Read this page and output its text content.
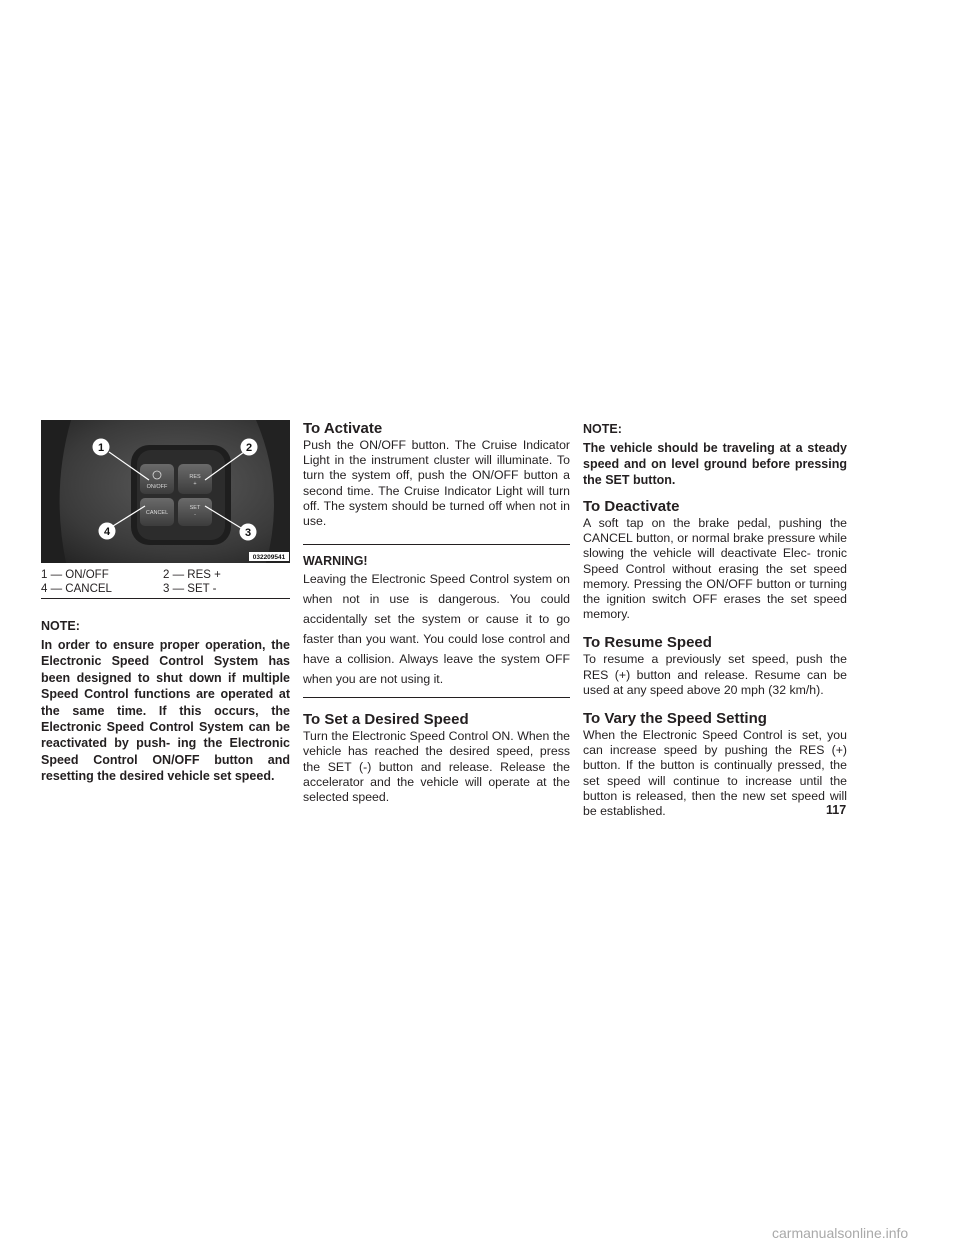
ON/OFF
RES
+
CANCEL
SET
-
1	2
3
4
032209541
1 — ON/OFF	2 — RES +
4 — CANCEL	3 — SET -
NOTE:

In order to ensure proper operation, the Electronic Speed Control System has been designed to shut down if multiple Speed Control functions are operated at the same time. If this occurs, the Electronic Speed Control System can be reactivated by push- ing the Electronic Speed Control ON/OFF button and resetting the desired vehicle set speed.

To Activate

Push the ON/OFF button. The Cruise Indicator Light in the instrument cluster will illuminate. To turn the system off, push the ON/OFF button a second time. The Cruise Indicator Light will turn off. The system should be turned off when not in use.

WARNING!
Leaving the Electronic Speed Control system on when not in use is dangerous. You could accidentally set the system or cause it to go faster than you want. You could lose control and have a collision. Always leave the system OFF when you are not using it.
To Set a Desired Speed

Turn the Electronic Speed Control ON. When the vehicle has reached the desired speed, press the SET (-) button and release. Release the accelerator and the vehicle will operate at the selected speed.

NOTE:

The vehicle should be traveling at a steady speed and on level ground before pressing the SET button.

To Deactivate

A soft tap on the brake pedal, pushing the CANCEL button, or normal brake pressure while slowing the vehicle will deactivate Elec- tronic Speed Control without erasing the set speed memory. Pressing the ON/OFF button or turning the ignition switch OFF erases the set speed memory.

To Resume Speed

To resume a previously set speed, push the RES (+) button and release. Resume can be used at any speed above 20 mph (32 km/h).

To Vary the Speed Setting

When the Electronic Speed Control is set, you can increase speed by pushing the RES (+) button. If the button is continually pressed, the set speed will continue to increase until the button is released, then the new set speed will be established.	117
carmanualsonline.info
